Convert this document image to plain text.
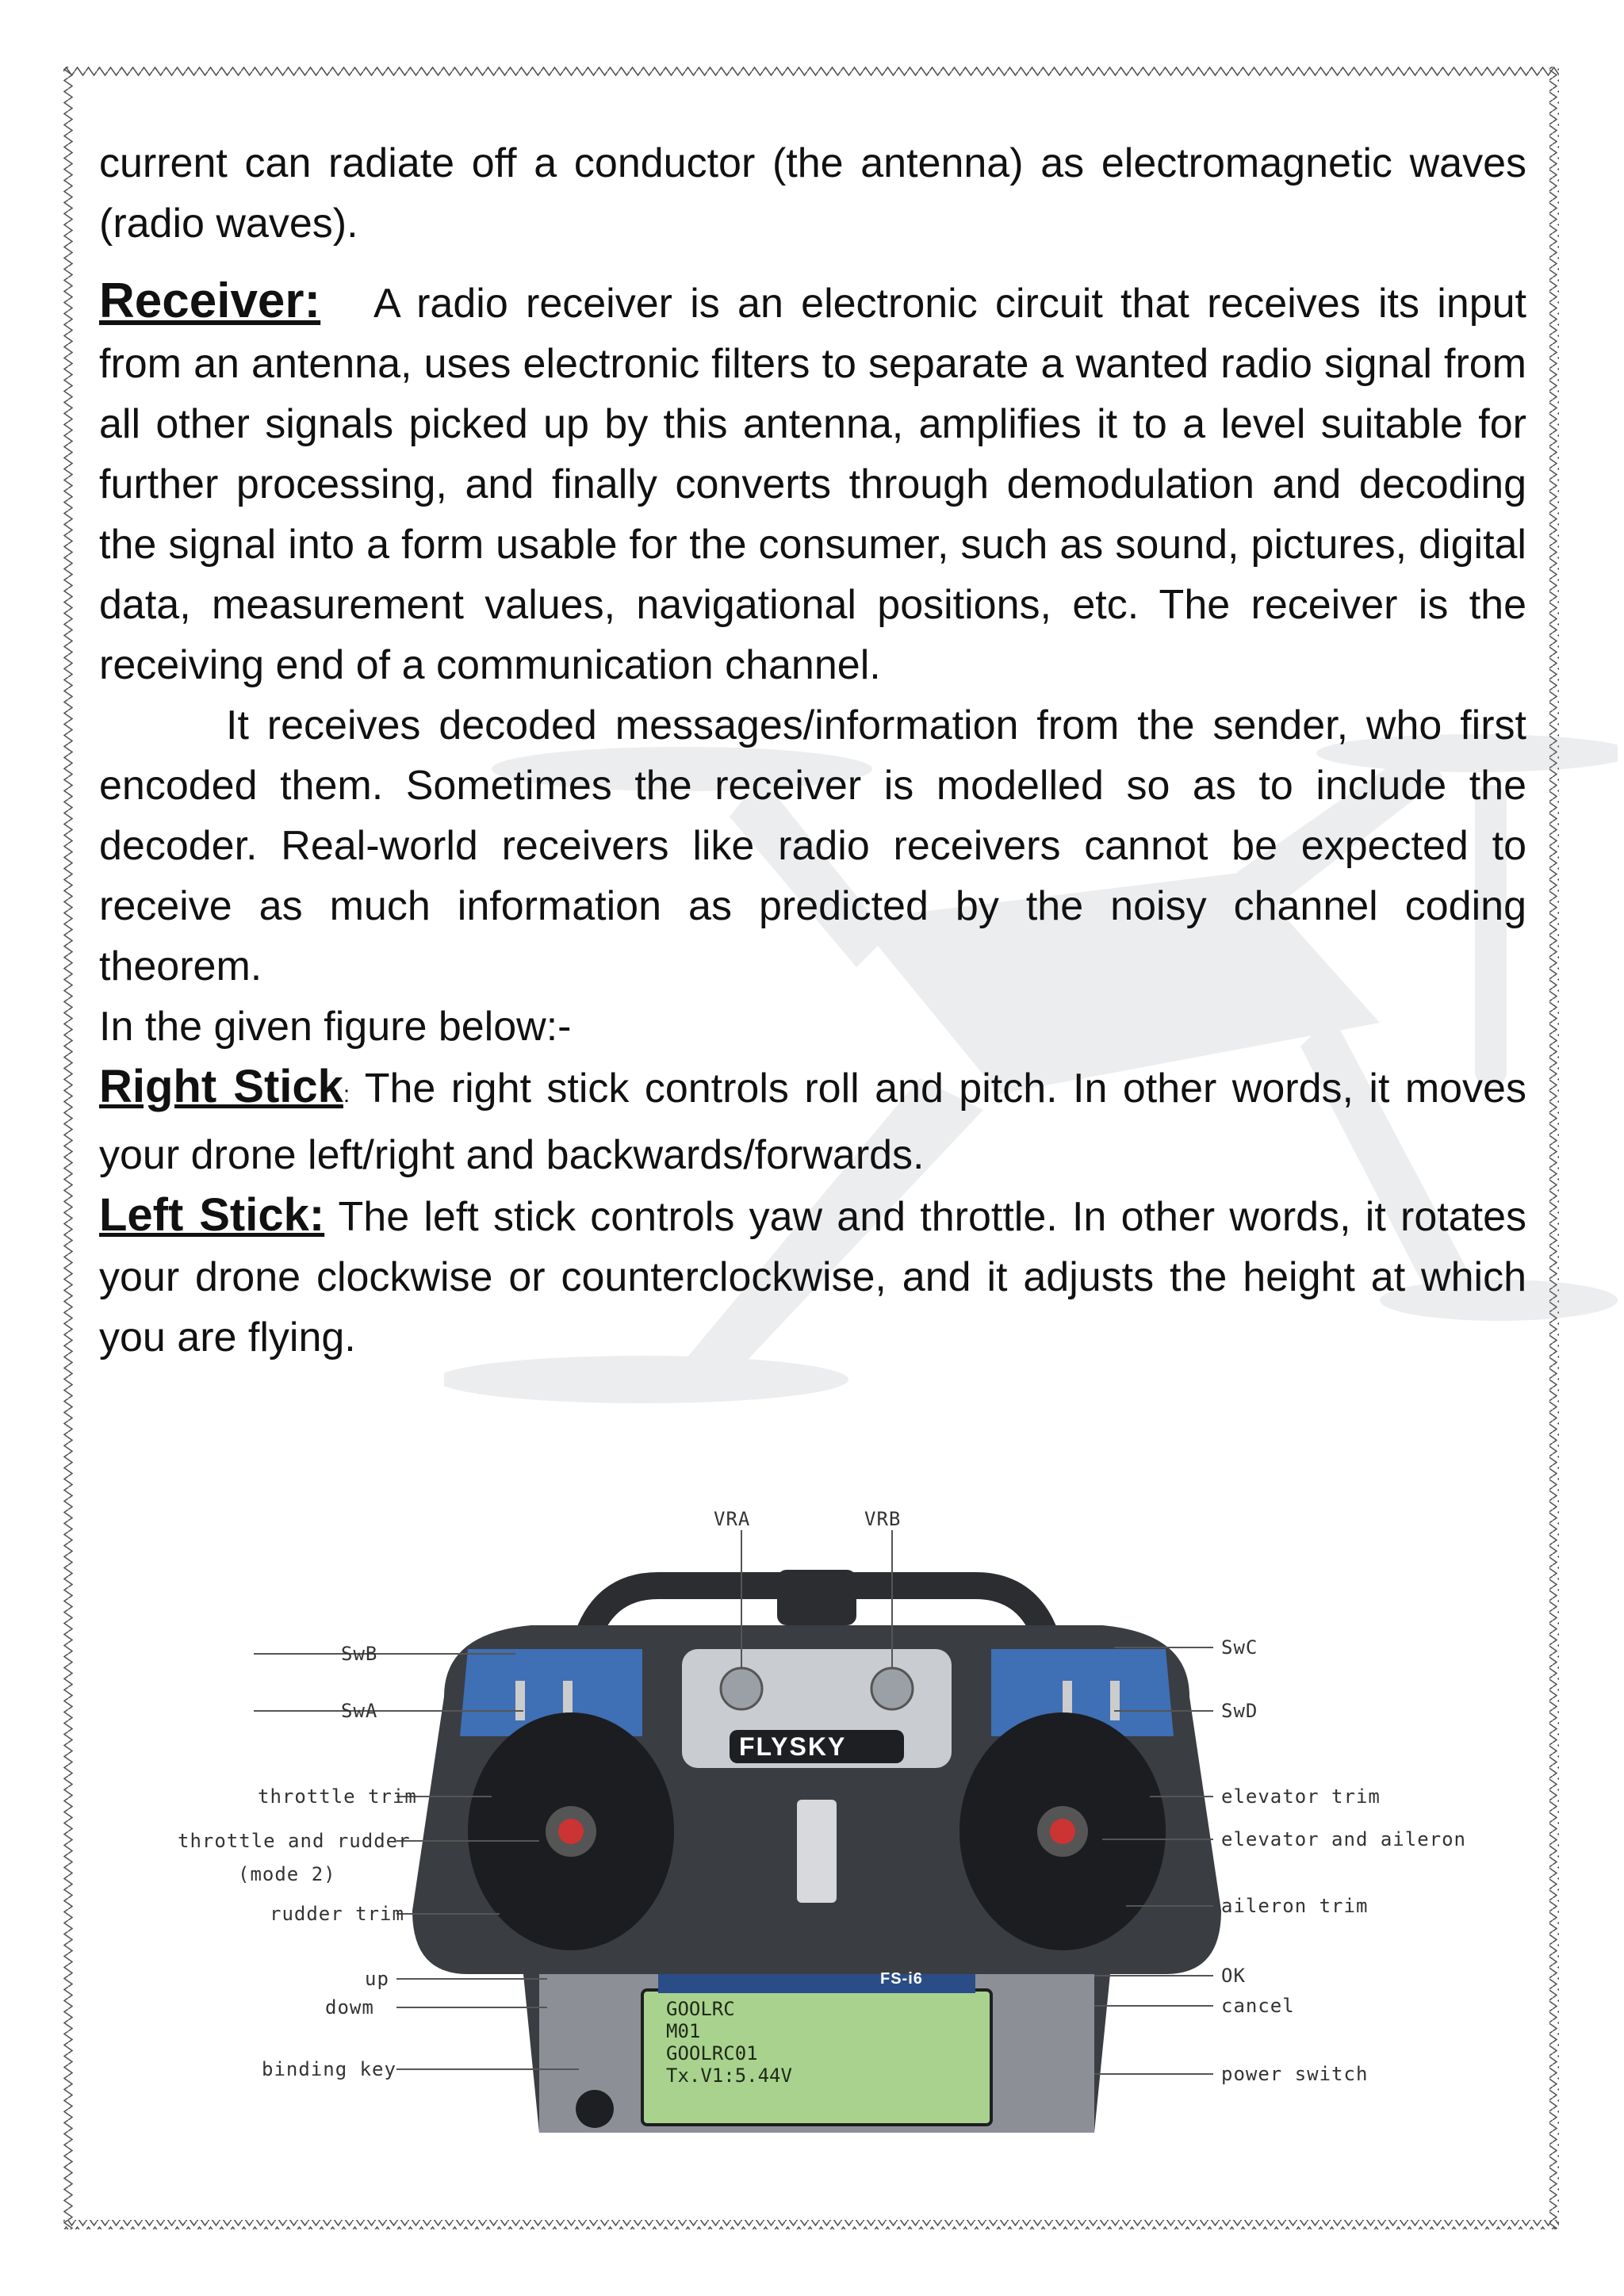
current can radiate off a conductor (the antenna) as electromagnetic waves (radio waves).

Receiver: A radio receiver is an electronic circuit that receives its input from an antenna, uses electronic filters to separate a wanted radio signal from all other signals picked up by this antenna, amplifies it to a level suitable for further processing, and finally converts through demodulation and decoding the signal into a form usable for the consumer, such as sound, pictures, digital data, measurement values, navigational positions, etc. The receiver is the receiving end of a communication channel.

It receives decoded messages/information from the sender, who first encoded them. Sometimes the receiver is modelled so as to include the decoder. Real-world receivers like radio receivers cannot be expected to receive as much information as predicted by the noisy channel coding theorem.

In the given figure below:-

Right Stick: The right stick controls roll and pitch. In other words, it moves your drone left/right and backwards/forwards.

Left Stick: The left stick controls yaw and throttle. In other words, it rotates your drone clockwise or counterclockwise, and it adjusts the height at which you are flying.

FLYSKY
FS-i6
GOOLRC
M01
GOOLRC01
Tx.V1:5.44V
VRA	VRB
SwB
SwA
SwC
SwD
throttle trim
throttle and rudder
(mode 2)
rudder trim
up
dowm
binding key
elevator trim
elevator and aileron
aileron trim
OK
cancel
power switch
